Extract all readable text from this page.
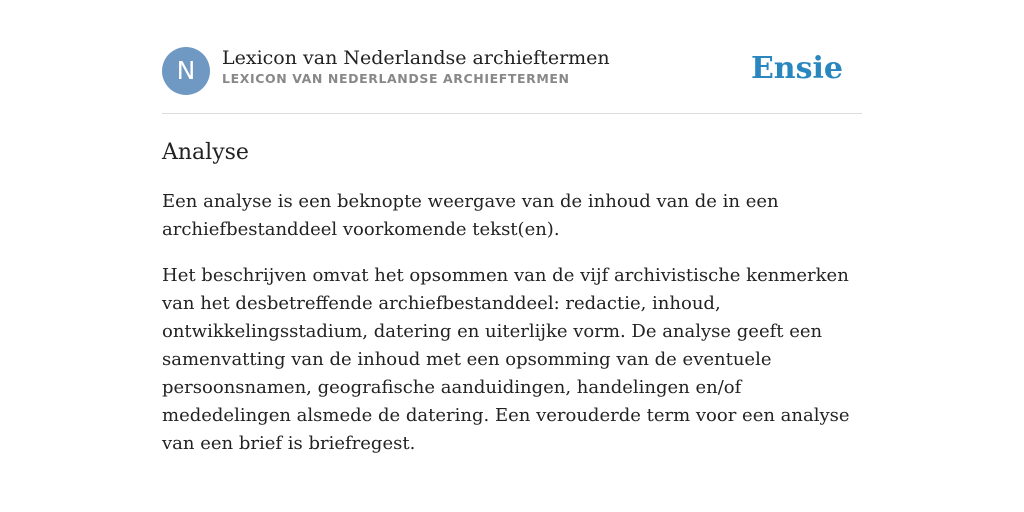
N	Lexicon van Nederlandse archieftermen
LEXICON VAN NEDERLANDSE ARCHIEFTERMEN	Ensie
Analyse

Een analyse is een beknopte weergave van de inhoud van de in een archiefbestanddeel voorkomende tekst(en).

Het beschrijven omvat het opsommen van de vijf archivistische kenmerken van het desbetreffende archiefbestanddeel: redactie, inhoud, ontwikkelingsstadium, datering en uiterlijke vorm. De analyse geeft een samenvatting van de inhoud met een opsomming van de eventuele persoonsnamen, geografische aanduidingen, handelingen en/of mededelingen alsmede de datering. Een verouderde term voor een analyse van een brief is briefregest.
